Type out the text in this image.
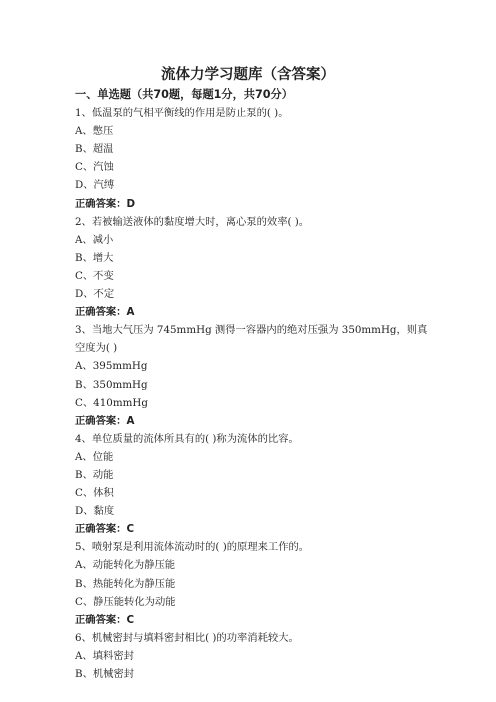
流体力学习题库（含答案）

一、单选题（共70题，每题1分，共70分）

1、低温泵的气相平衡线的作用是防止泵的( )。

A、憋压

B、超温

C、汽蚀

D、汽缚

正确答案：D

2、若被输送液体的黏度增大时，离心泵的效率( )。

A、减小

B、增大

C、不变

D、不定

正确答案：A

3、当地大气压为 745mmHg 测得一容器内的绝对压强为 350mmHg，则真空度为( )

A、395mmHg

B、350mmHg

C、410mmHg

正确答案：A

4、单位质量的流体所具有的( )称为流体的比容。

A、位能

B、动能

C、体积

D、黏度

正确答案：C

5、喷射泵是利用流体流动时的( )的原理来工作的。

A、动能转化为静压能

B、热能转化为静压能

C、静压能转化为动能

正确答案：C

6、机械密封与填料密封相比( )的功率消耗较大。

A、填料密封

B、机械密封
